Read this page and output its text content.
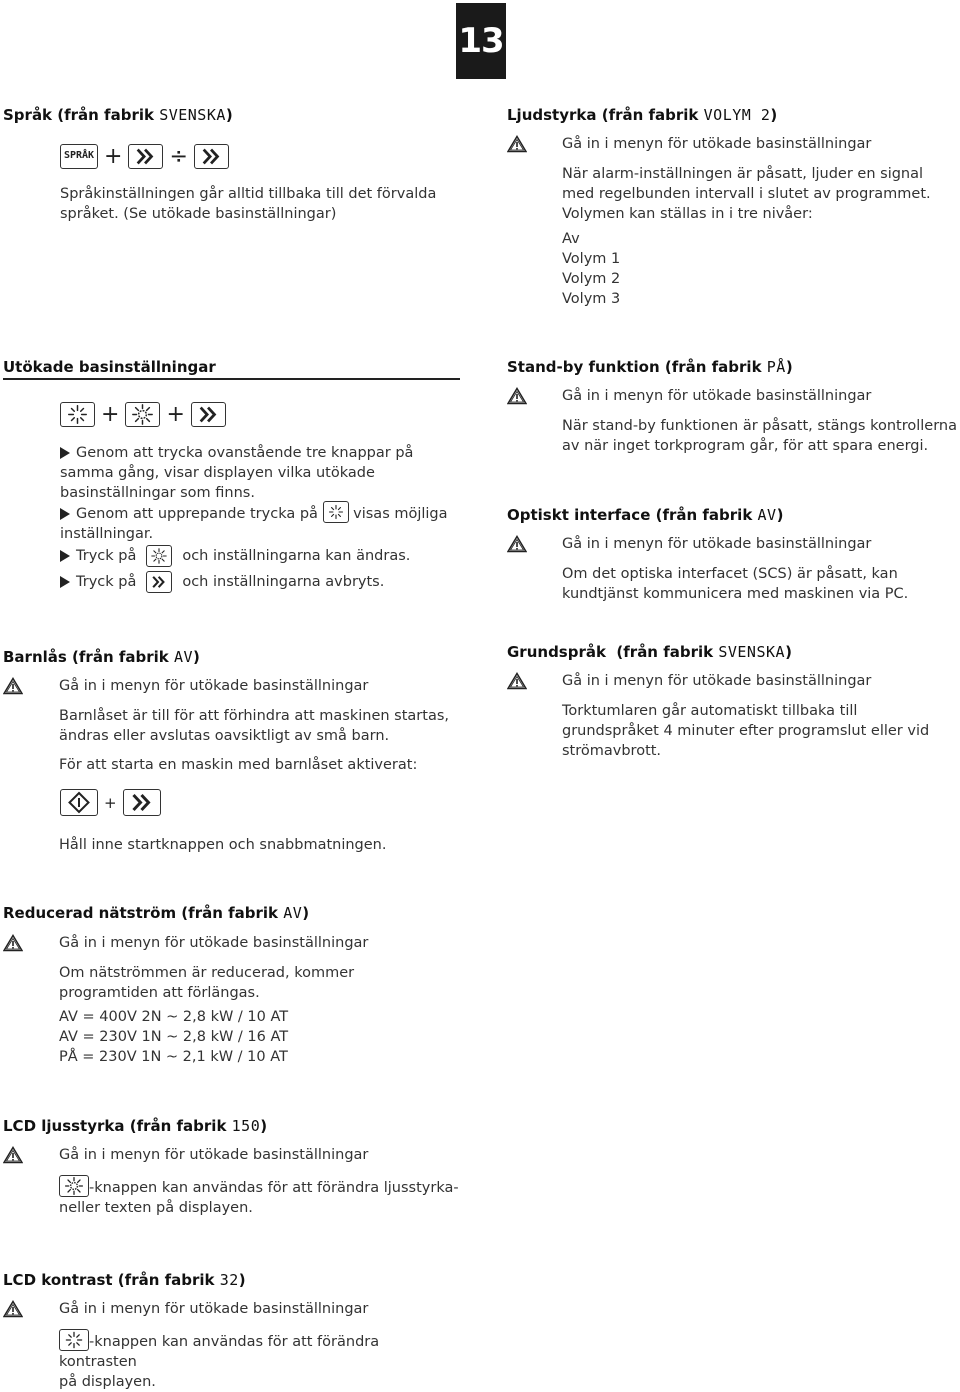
13
Språk (från fabrik SVENSKA)
SPRÅK + ÷
Språkinställningen går alltid tillbaka till det förvalda språket. (Se utökade basinställningar)
Ljudstyrka (från fabrik VOLYM 2)
Gå in i menyn för utökade basinställningar
När alarm-inställningen är påsatt, ljuder en signal med regelbunden intervall i slutet av programmet. Volymen kan ställas in i tre nivåer:
Av
Volym 1
Volym 2
Volym 3
Utökade basinställningar
+ +
Genom att trycka ovanstående tre knappar på samma gång, visar displayen vilka utökade basinställningar som finns.
Genom att upprepande trycka på visas möjliga
inställningar.
Tryck på	och inställningarna kan ändras.
Tryck på	och inställningarna avbryts.
Stand-by funktion (från fabrik PÅ)
Gå in i menyn för utökade basinställningar
När stand-by funktionen är påsatt, stängs kontrollerna av när inget torkprogram går, för att spara energi.
Optiskt interface (från fabrik AV)
Gå in i menyn för utökade basinställningar
Om det optiska interfacet (SCS) är påsatt, kan kundtjänst kommunicera med maskinen via PC.
Barnlås (från fabrik AV)
Gå in i menyn för utökade basinställningar
Barnlåset är till för att förhindra att maskinen startas, ändras eller avslutas oavsiktligt av små barn.
För att starta en maskin med barnlåset aktiverat:
+
Håll inne startknappen och snabbmatningen.
Grundspråk  (från fabrik SVENSKA)
Gå in i menyn för utökade basinställningar
Torktumlaren går automatiskt tillbaka till grundspråket 4 minuter efter programslut eller vid strömavbrott.
Reducerad nätström (från fabrik AV)
Gå in i menyn för utökade basinställningar
Om nätströmmen är reducerad, kommer programtiden att förlängas.
AV = 400V 2N ~ 2,8 kW / 10 AT
AV = 230V 1N ~ 2,8 kW / 16 AT
PÅ = 230V 1N ~ 2,1 kW / 10 AT
LCD ljusstyrka (från fabrik 150)
Gå in i menyn för utökade basinställningar
-knappen kan användas för att förändra ljusstyrka-
neller texten på displayen.
LCD kontrast (från fabrik 32)
Gå in i menyn för utökade basinställningar
-knappen kan användas för att förändra kontrasten
på displayen.
